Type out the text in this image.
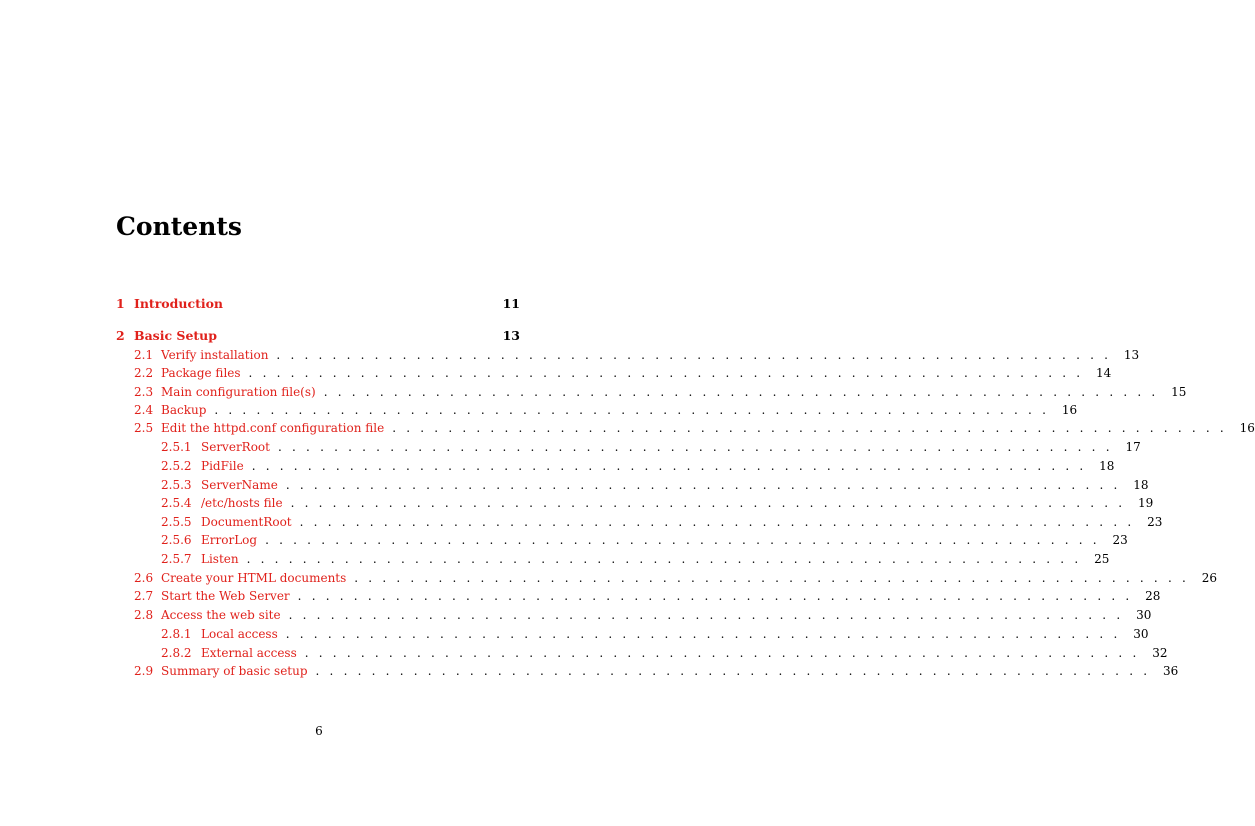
Contents
1 Introduction	11
2 Basic Setup	13
2.1 Verify installation . . . . . . . . . . . . . . . . . . . . . . . . . . . . . . . . . . . . . . . . . . . . . . . . . . . . . . . . . . . .	13
2.2 Package files . . . . . . . . . . . . . . . . . . . . . . . . . . . . . . . . . . . . . . . . . . . . . . . . . . . . . . . . . . . .	14
2.3 Main configuration file(s) . . . . . . . . . . . . . . . . . . . . . . . . . . . . . . . . . . . . . . . . . . . . . . . . . . . . . . . . . . . .	15
2.4 Backup . . . . . . . . . . . . . . . . . . . . . . . . . . . . . . . . . . . . . . . . . . . . . . . . . . . . . . . . . . . .	16
2.5 Edit the httpd.conf configuration file . . . . . . . . . . . . . . . . . . . . . . . . . . . . . . . . . . . . . . . . . . . . . . . . . . . . . . . . . . . .	16
2.5.1 ServerRoot . . . . . . . . . . . . . . . . . . . . . . . . . . . . . . . . . . . . . . . . . . . . . . . . . . . . . . . . . . . .	17
2.5.2 PidFile . . . . . . . . . . . . . . . . . . . . . . . . . . . . . . . . . . . . . . . . . . . . . . . . . . . . . . . . . . . .	18
2.5.3 ServerName . . . . . . . . . . . . . . . . . . . . . . . . . . . . . . . . . . . . . . . . . . . . . . . . . . . . . . . . . . . .	18
2.5.4 /etc/hosts file . . . . . . . . . . . . . . . . . . . . . . . . . . . . . . . . . . . . . . . . . . . . . . . . . . . . . . . . . . . .	19
2.5.5 DocumentRoot . . . . . . . . . . . . . . . . . . . . . . . . . . . . . . . . . . . . . . . . . . . . . . . . . . . . . . . . . . . .	23
2.5.6 ErrorLog . . . . . . . . . . . . . . . . . . . . . . . . . . . . . . . . . . . . . . . . . . . . . . . . . . . . . . . . . . . .	23
2.5.7 Listen . . . . . . . . . . . . . . . . . . . . . . . . . . . . . . . . . . . . . . . . . . . . . . . . . . . . . . . . . . . .	25
2.6 Create your HTML documents . . . . . . . . . . . . . . . . . . . . . . . . . . . . . . . . . . . . . . . . . . . . . . . . . . . . . . . . . . . .	26
2.7 Start the Web Server . . . . . . . . . . . . . . . . . . . . . . . . . . . . . . . . . . . . . . . . . . . . . . . . . . . . . . . . . . . .	28
2.8 Access the web site . . . . . . . . . . . . . . . . . . . . . . . . . . . . . . . . . . . . . . . . . . . . . . . . . . . . . . . . . . . .	30
2.8.1 Local access . . . . . . . . . . . . . . . . . . . . . . . . . . . . . . . . . . . . . . . . . . . . . . . . . . . . . . . . . . . .	30
2.8.2 External access . . . . . . . . . . . . . . . . . . . . . . . . . . . . . . . . . . . . . . . . . . . . . . . . . . . . . . . . . . . .	32
2.9 Summary of basic setup . . . . . . . . . . . . . . . . . . . . . . . . . . . . . . . . . . . . . . . . . . . . . . . . . . . . . . . . . . . .	36
6
